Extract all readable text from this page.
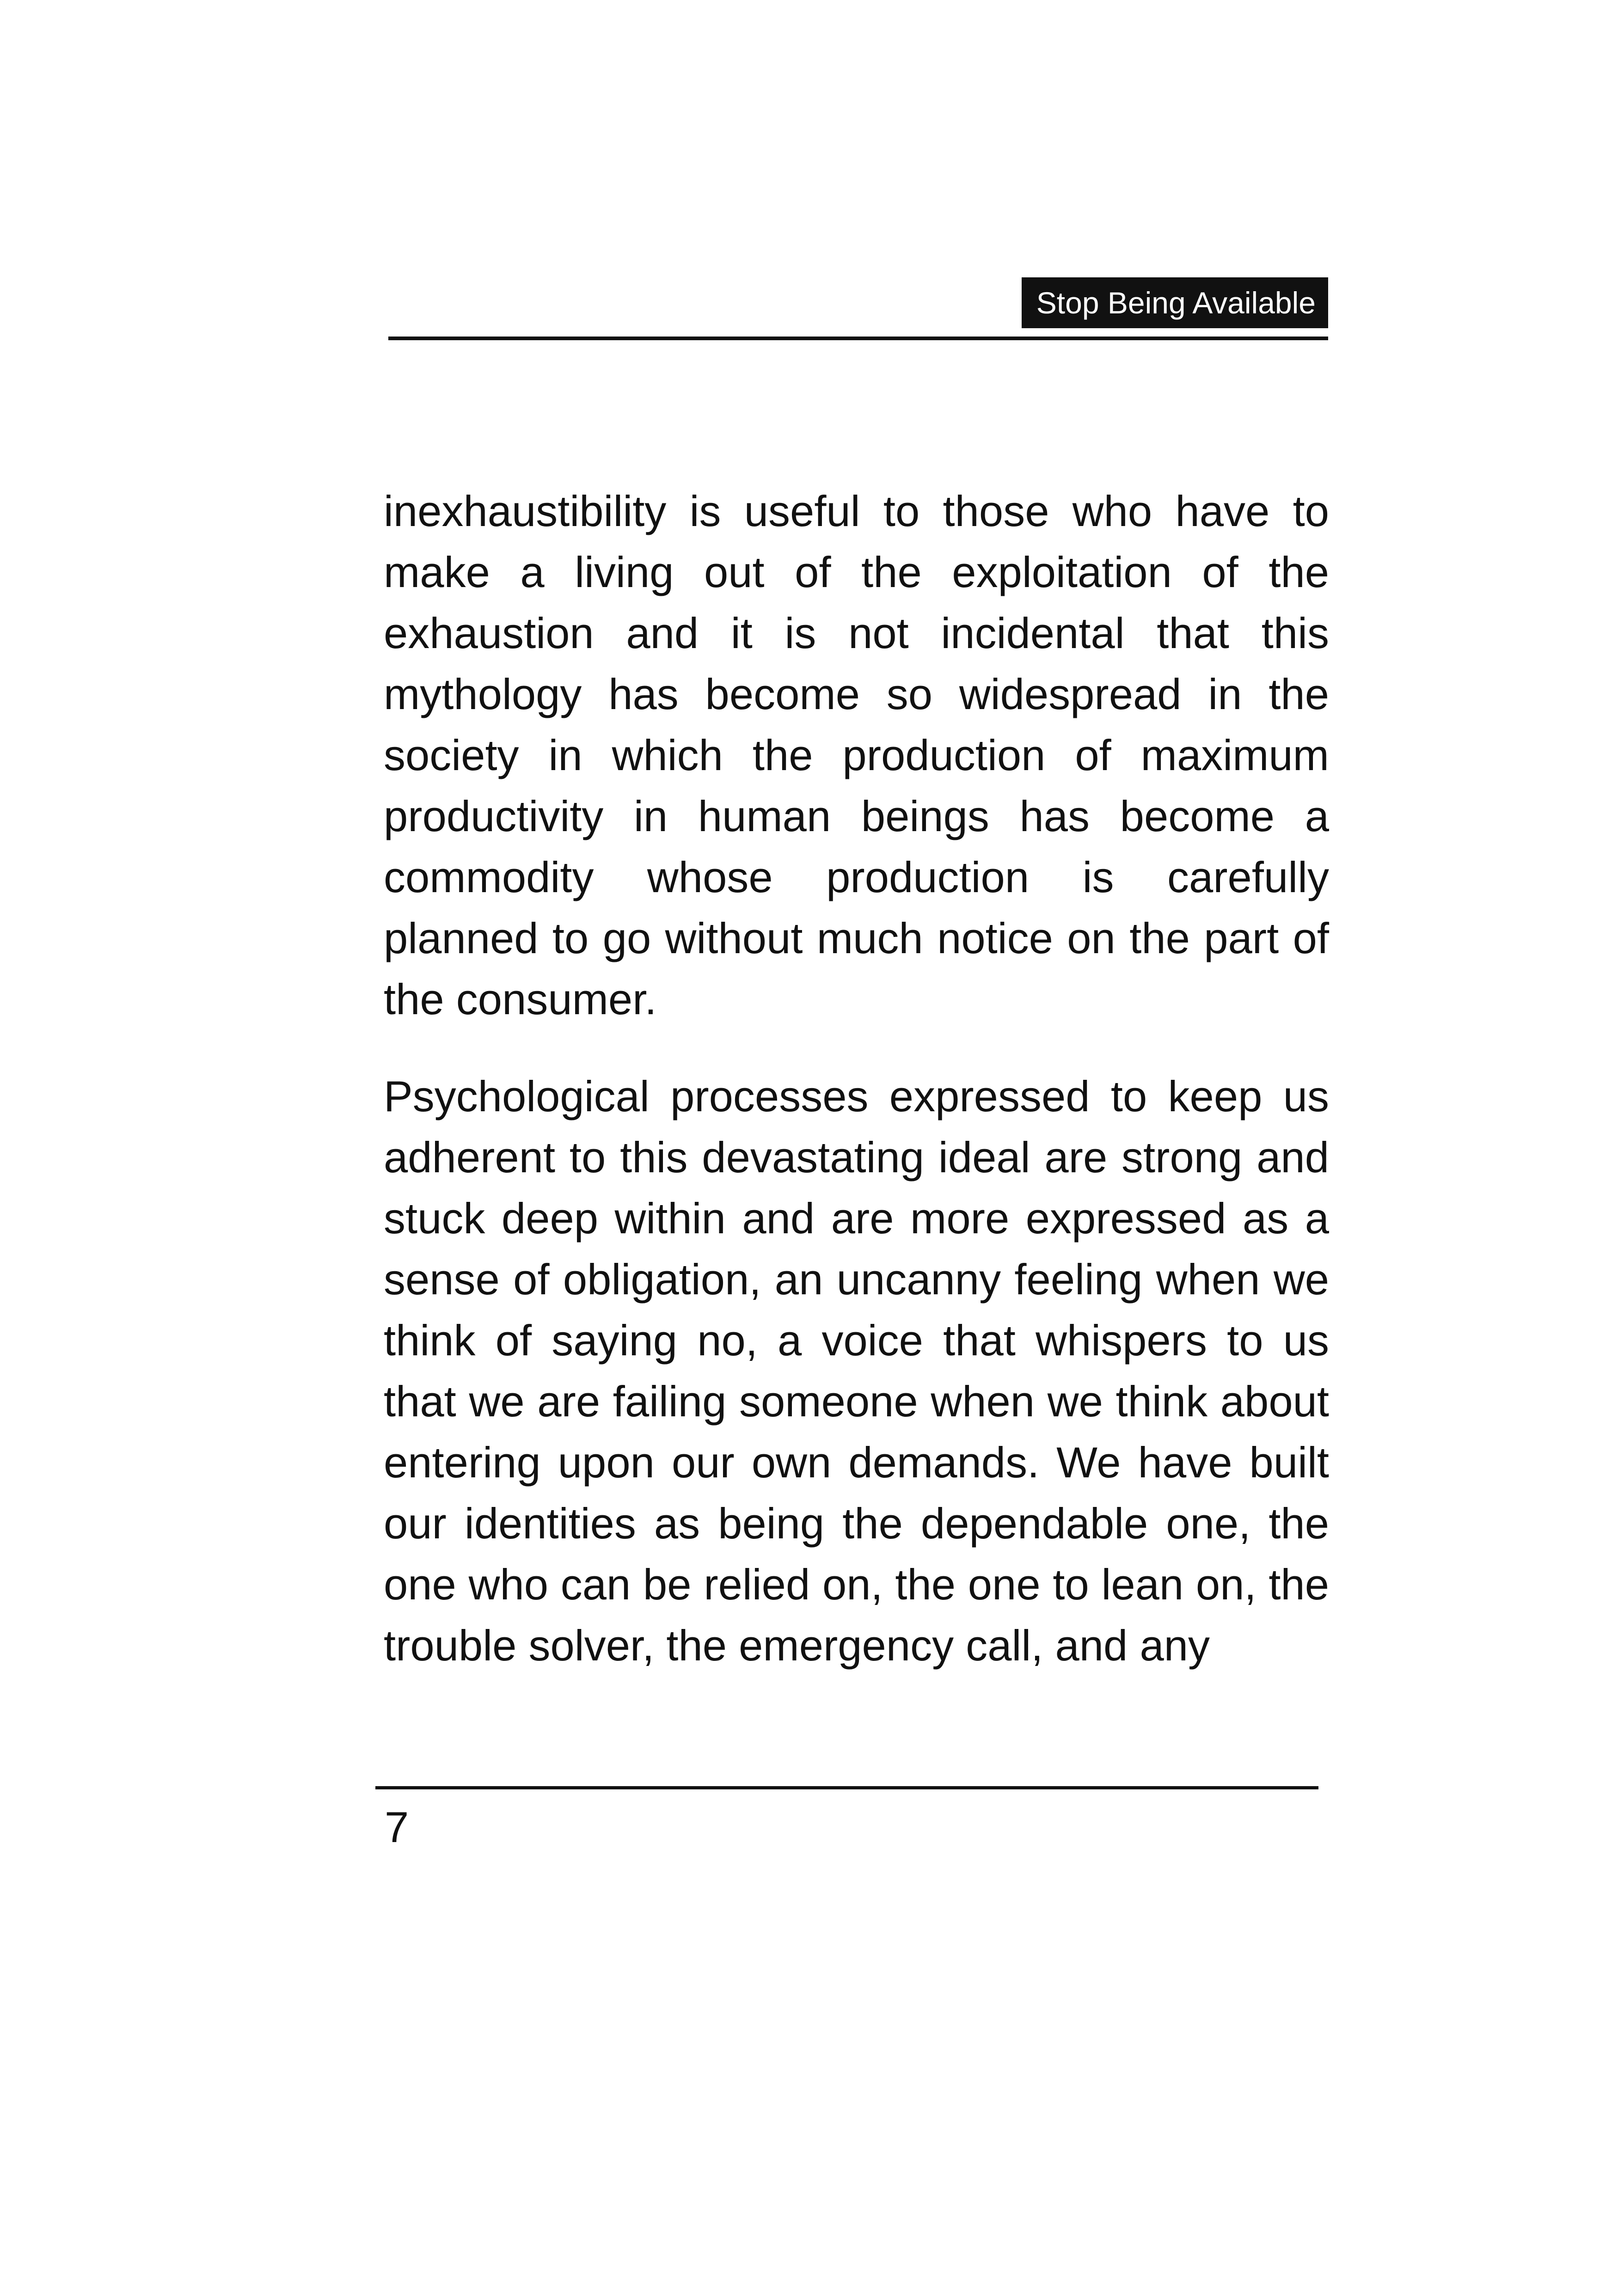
Stop Being Available

inexhaustibility is useful to those who have to make a living out of the exploitation of the exhaustion and it is not incidental that this mythology has become so widespread in the society in which the production of maximum productivity in human beings has become a commodity whose production is carefully planned to go without much notice on the part of the consumer.

Psychological processes expressed to keep us adherent to this devastating ideal are strong and stuck deep within and are more expressed as a sense of obligation, an uncanny feeling when we think of saying no, a voice that whispers to us that we are failing someone when we think about entering upon our own demands. We have built our identities as being the dependable one, the one who can be relied on, the one to lean on, the trouble solver, the emergency call, and any

7
